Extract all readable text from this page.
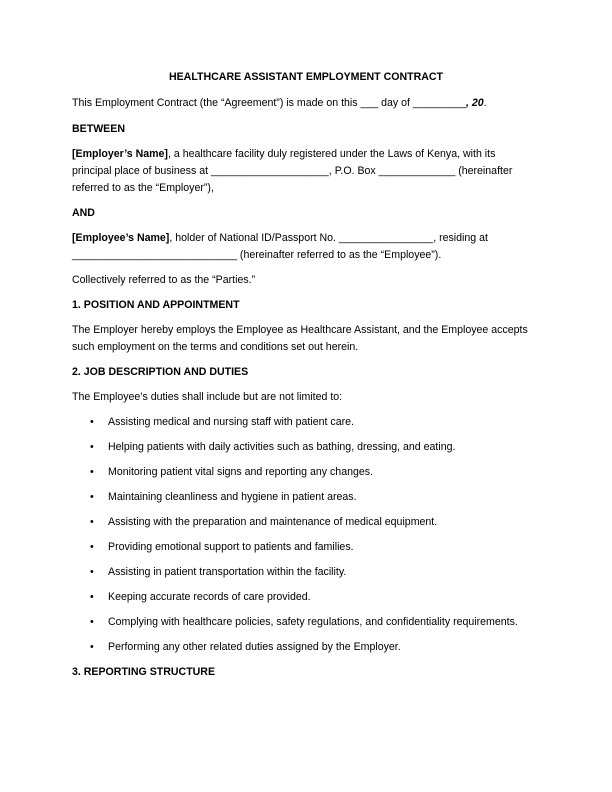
HEALTHCARE ASSISTANT EMPLOYMENT CONTRACT
This Employment Contract (the “Agreement”) is made on this ___ day of _________, 20.
BETWEEN
[Employer’s Name], a healthcare facility duly registered under the Laws of Kenya, with its
principal place of business at ____________________, P.O. Box _____________ (hereinafter
referred to as the “Employer”),
AND
[Employee’s Name], holder of National ID/Passport No. ________________, residing at
____________________________ (hereinafter referred to as the “Employee”).
Collectively referred to as the “Parties.”
1. POSITION AND APPOINTMENT
The Employer hereby employs the Employee as Healthcare Assistant, and the Employee accepts
such employment on the terms and conditions set out herein.
2. JOB DESCRIPTION AND DUTIES
The Employee’s duties shall include but are not limited to:
• Assisting medical and nursing staff with patient care.
• Helping patients with daily activities such as bathing, dressing, and eating.
• Monitoring patient vital signs and reporting any changes.
• Maintaining cleanliness and hygiene in patient areas.
• Assisting with the preparation and maintenance of medical equipment.
• Providing emotional support to patients and families.
• Assisting in patient transportation within the facility.
• Keeping accurate records of care provided.
• Complying with healthcare policies, safety regulations, and confidentiality requirements.
• Performing any other related duties assigned by the Employer.
3. REPORTING STRUCTURE
